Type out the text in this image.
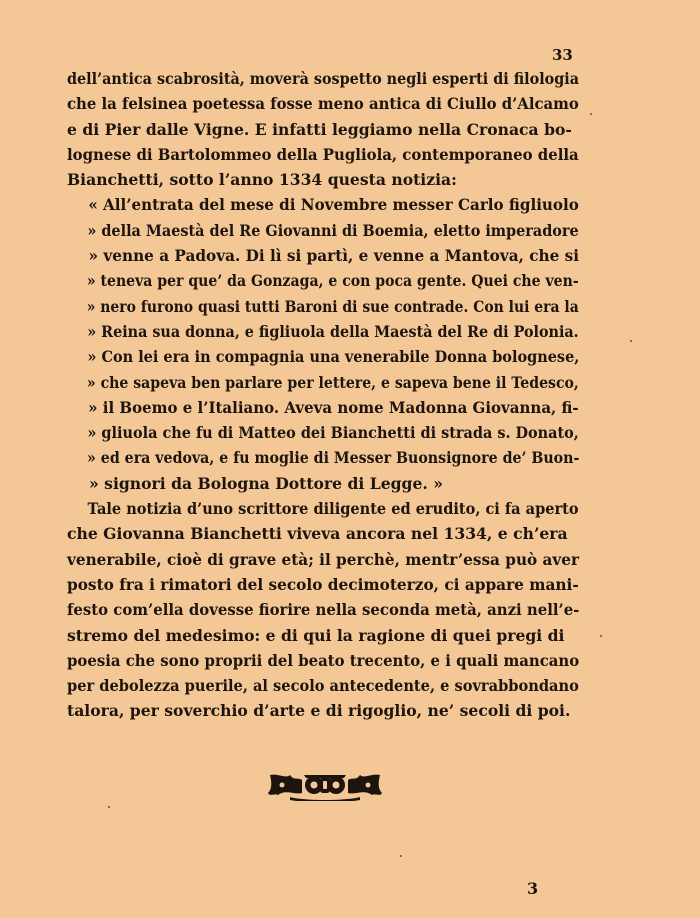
33

dell’antica scabrosità, moverà sospetto negli esperti di filologia

che la felsinea poetessa fosse meno antica di Ciullo d’Alcamo

e di Pier dalle Vigne. E infatti leggiamo nella Cronaca bo-

lognese di Bartolommeo della Pugliola, contemporaneo della

Bianchetti, sotto l’anno 1334 questa notizia:

« All’entrata del mese di Novembre messer Carlo figliuolo

» della Maestà del Re Giovanni di Boemia, eletto imperadore

» venne a Padova. Di lì si partì, e venne a Mantova, che si

» teneva per que’ da Gonzaga, e con poca gente. Quei che ven-

» nero furono quasi tutti Baroni di sue contrade. Con lui era la

» Reina sua donna, e figliuola della Maestà del Re di Polonia.

» Con lei era in compagnia una venerabile Donna bolognese,

» che sapeva ben parlare per lettere, e sapeva bene il Tedesco,

» il Boemo e l’Italiano. Aveva nome Madonna Giovanna, fi-

» gliuola che fu di Matteo dei Bianchetti di strada s. Donato,

» ed era vedova, e fu moglie di Messer Buonsignore de’ Buon-

» signori da Bologna Dottore di Legge. »

Tale notizia d’uno scrittore diligente ed erudito, ci fa aperto

che Giovanna Bianchetti viveva ancora nel 1334, e ch’era

venerabile, cioè di grave età; il perchè, mentr’essa può aver

posto fra i rimatori del secolo decimoterzo, ci appare mani-

festo com’ella dovesse fiorire nella seconda metà, anzi nell’e-

stremo del medesimo: e di qui la ragione di quei pregi di

poesia che sono proprii del beato trecento, e i quali mancano

per debolezza puerile, al secolo antecedente, e sovrabbondano

talora, per soverchio d’arte e di rigoglio, ne’ secoli di poi.

3
